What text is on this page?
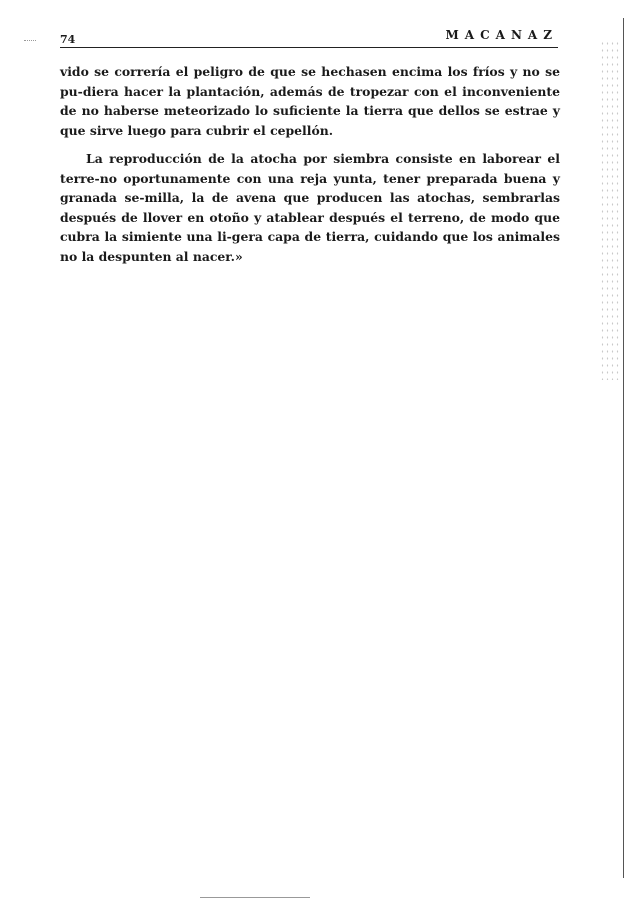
74	MACANAZ

vido se correría el peligro de que se hechasen encima los fríos y no se pu-diera hacer la plantación, además de tropezar con el inconveniente de no haberse meteorizado lo suficiente la tierra que dellos se estrae y que sirve luego para cubrir el cepellón.

La reproducción de la atocha por siembra consiste en laborear el terre-no oportunamente con una reja yunta, tener preparada buena y granada se-milla, la de avena que producen las atochas, sembrarlas después de llover en otoño y atablear después el terreno, de modo que cubra la simiente una li-gera capa de tierra, cuidando que los animales no la despunten al nacer.»
